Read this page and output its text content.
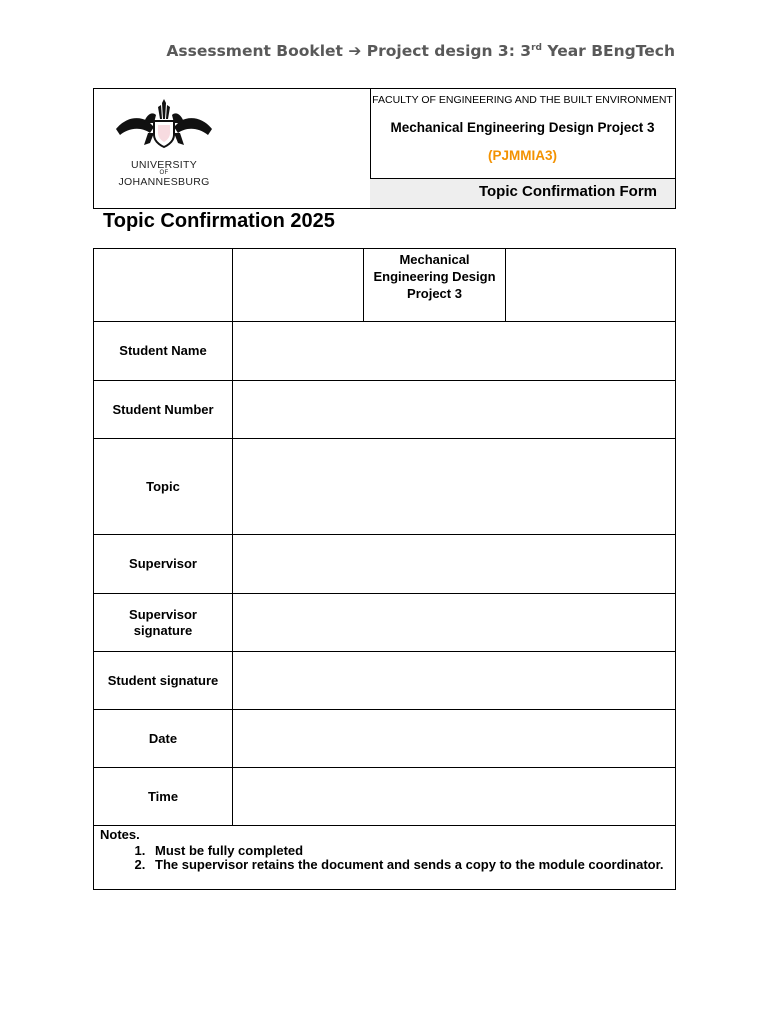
Assessment Booklet ➔ Project design 3: 3rd Year BEngTech
UNIVERSITY
OF
JOHANNESBURG
FACULTY OF ENGINEERING AND THE BUILT ENVIRONMENT
Mechanical Engineering Design Project 3
(PJMMIA3)
Topic Confirmation Form
Topic Confirmation 2025
Mechanical Engineering Design Project 3
Student Name
Student Number
Topic
Supervisor
Supervisor signature
Student signature
Date
Time
Notes.
1. Must be fully completed
2. The supervisor retains the document and sends a copy to the module coordinator.
